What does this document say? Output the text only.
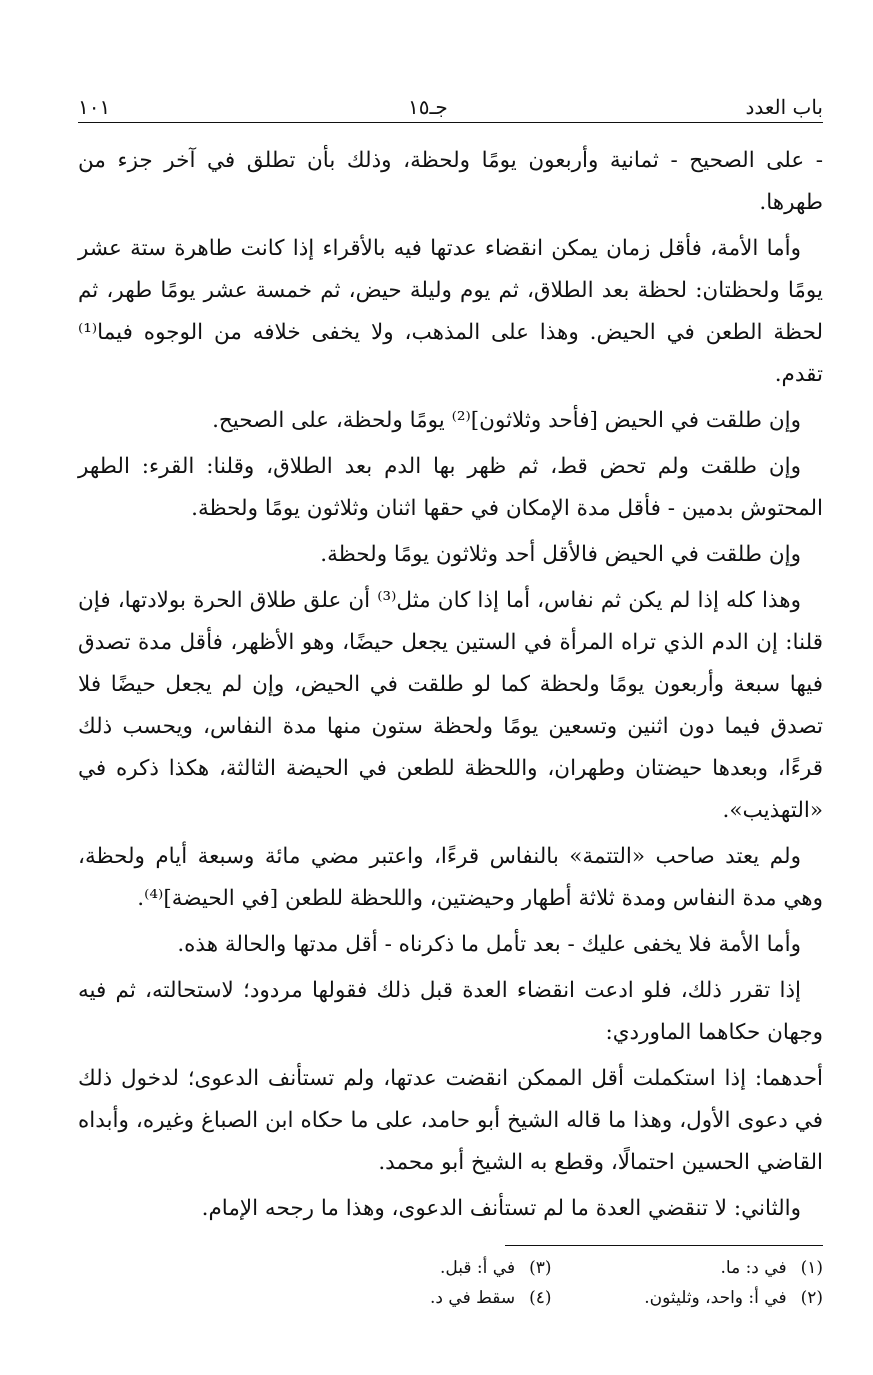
باب العدد
جـ١٥
١٠١

- على الصحيح - ثمانية وأربعون يومًا ولحظة، وذلك بأن تطلق في آخر جزء من طهرها.

وأما الأمة، فأقل زمان يمكن انقضاء عدتها فيه بالأقراء إذا كانت طاهرة ستة عشر يومًا ولحظتان: لحظة بعد الطلاق، ثم يوم وليلة حيض، ثم خمسة عشر يومًا طهر، ثم لحظة الطعن في الحيض. وهذا على المذهب، ولا يخفى خلافه من الوجوه فيما⁽¹⁾ تقدم.

وإن طلقت في الحيض [فأحد وثلاثون]⁽²⁾ يومًا ولحظة، على الصحيح.

وإن طلقت ولم تحض قط، ثم ظهر بها الدم بعد الطلاق، وقلنا: القرء: الطهر المحتوش بدمين - فأقل مدة الإمكان في حقها اثنان وثلاثون يومًا ولحظة.

وإن طلقت في الحيض فالأقل أحد وثلاثون يومًا ولحظة.

وهذا كله إذا لم يكن ثم نفاس، أما إذا كان مثل⁽³⁾ أن علق طلاق الحرة بولادتها، فإن قلنا: إن الدم الذي تراه المرأة في الستين يجعل حيضًا، وهو الأظهر، فأقل مدة تصدق فيها سبعة وأربعون يومًا ولحظة كما لو طلقت في الحيض، وإن لم يجعل حيضًا فلا تصدق فيما دون اثنين وتسعين يومًا ولحظة ستون منها مدة النفاس، ويحسب ذلك قرءًا، وبعدها حيضتان وطهران، واللحظة للطعن في الحيضة الثالثة، هكذا ذكره في «التهذيب».

ولم يعتد صاحب «التتمة» بالنفاس قرءًا، واعتبر مضي مائة وسبعة أيام ولحظة، وهي مدة النفاس ومدة ثلاثة أطهار وحيضتين، واللحظة للطعن [في الحيضة]⁽⁴⁾.

وأما الأمة فلا يخفى عليك - بعد تأمل ما ذكرناه - أقل مدتها والحالة هذه.

إذا تقرر ذلك، فلو ادعت انقضاء العدة قبل ذلك فقولها مردود؛ لاستحالته، ثم فيه وجهان حكاهما الماوردي:

أحدهما: إذا استكملت أقل الممكن انقضت عدتها، ولم تستأنف الدعوى؛ لدخول ذلك في دعوى الأول، وهذا ما قاله الشيخ أبو حامد، على ما حكاه ابن الصباغ وغيره، وأبداه القاضي الحسين احتمالًا، وقطع به الشيخ أبو محمد.

والثاني: لا تنقضي العدة ما لم تستأنف الدعوى، وهذا ما رجحه الإمام.

(١)في د: ما.
(٣)في أ: قبل.
(٢)في أ: واحد، وثليثون.
(٤)سقط في د.
